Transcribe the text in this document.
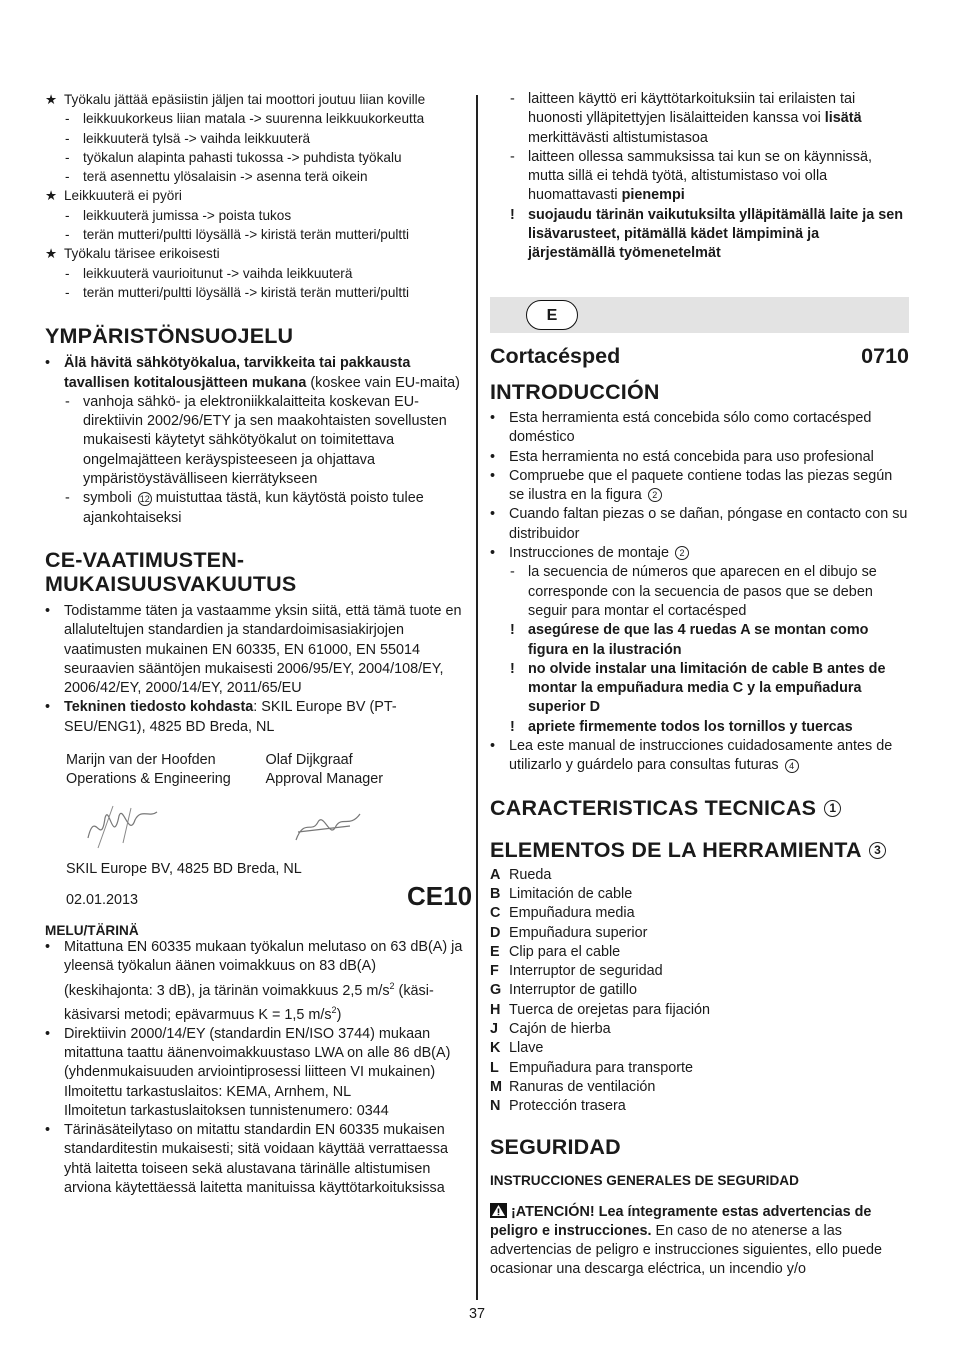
★ Työkalu jättää epäsiistin jäljen tai moottori joutuu liian koville
- leikkuukorkeus liian matala -> suurenna leikkuukorkeutta
- leikkuuterä tylsä -> vaihda leikkuuterä
- työkalun alapinta pahasti tukossa -> puhdista työkalu
- terä asennettu ylösalaisin -> asenna terä oikein
★ Leikkuuterä ei pyöri
- leikkuuterä jumissa -> poista tukos
- terän mutteri/pultti löysällä -> kiristä terän mutteri/pultti
★ Työkalu tärisee erikoisesti
- leikkuuterä vaurioitunut -> vaihda leikkuuterä
- terän mutteri/pultti löysällä -> kiristä terän mutteri/pultti
YMPÄRISTÖNSUOJELU
• Älä hävitä sähkötyökalua, tarvikkeita tai pakkausta tavallisen kotitalousjätteen mukana (koskee vain EU-maita)
- vanhoja sähkö- ja elektroniikkalaitteita koskevan EU-direktiivin 2002/96/ETY ja sen maakohtaisten sovellusten mukaisesti käytetyt sähkötyökalut on toimitettava ongelmajätteen keräyspisteeseen ja ohjattava ympäristöystävälliseen kierrätykseen
- symboli 12 muistuttaa tästä, kun käytöstä poisto tulee ajankohtaiseksi
CE-VAATIMUSTEN-
MUKAISUUSVAKUUTUS
• Todistamme täten ja vastaamme yksin siitä, että tämä tuote en allaluteltujen standardien ja standardoimisasiakirjojen vaatimusten mukainen EN 60335, EN 61000, EN 55014 seuraavien sääntöjen mukaisesti 2006/95/EY, 2004/108/EY, 2006/42/EY, 2000/14/EY, 2011/65/EU
• Tekninen tiedosto kohdasta: SKIL Europe BV (PT-SEU/ENG1), 4825 BD Breda, NL
Marijn van der Hoofden
Operations & Engineering
Olaf Dijkgraaf
Approval Manager
SKIL Europe BV, 4825 BD Breda, NL
02.01.2013	CE10
MELU/TÄRINÄ
• Mitattuna EN 60335 mukaan työkalun melutaso on 63 dB(A) ja yleensä työkalun äänen voimakkuus on 83 dB(A) (keskihajonta: 3 dB), ja tärinän voimakkuus 2,5 $m/s^2$ (käsi-käsivarsi metodi; epävarmuus K = 1,5 $m/s^2$)
• Direktiivin 2000/14/EY (standardin EN/ISO 3744) mukaan mitattuna taattu äänenvoimakkuustaso LWA on alle 86 dB(A) (yhdenmukaisuuden arviointiprosessi liitteen VI mukainen)
Ilmoitettu tarkastuslaitos: KEMA, Arnhem, NL
Ilmoitetun tarkastuslaitoksen tunnistenumero: 0344
• Tärinäsäteilytaso on mitattu standardin EN 60335 mukaisen standarditestin mukaisesti; sitä voidaan käyttää verrattaessa yhtä laitetta toiseen sekä alustavana tärinälle altistumisen arviona käytettäessä laitetta manituissa käyttötarkoituksissa
- laitteen käyttö eri käyttötarkoituksiin tai erilaisten tai huonosti ylläpitettyjen lisälaitteiden kanssa voi lisätä merkittävästi altistumistasoa
- laitteen ollessa sammuksissa tai kun se on käynnissä, mutta sillä ei tehdä työtä, altistumistaso voi olla huomattavasti pienempi
! suojaudu tärinän vaikutuksilta ylläpitämällä laite ja sen lisävarusteet, pitämällä kädet lämpiminä ja järjestämällä työmenetelmät
E
Cortacésped	0710
INTRODUCCIÓN
• Esta herramienta está concebida sólo como cortacésped doméstico
• Esta herramienta no está concebida para uso profesional
• Compruebe que el paquete contiene todas las piezas según se ilustra en la figura 2
• Cuando faltan piezas o se dañan, póngase en contacto con su distribuidor
• Instrucciones de montaje 2
- la secuencia de números que aparecen en el dibujo se corresponde con la secuencia de pasos que se deben seguir para montar el cortacésped
! asegúrese de que las 4 ruedas A se montan como figura en la ilustración
! no olvide instalar una limitación de cable B antes de montar la empuñadura media C y la empuñadura superior D
! apriete firmemente todos los tornillos y tuercas
• Lea este manual de instrucciones cuidadosamente antes de utilizarlo y guárdelo para consultas futuras 4
CARACTERISTICAS TECNICAS 1
ELEMENTOS DE LA HERRAMIENTA 3
A Rueda
B Limitación de cable
C Empuñadura media
D Empuñadura superior
E Clip para el cable
F Interruptor de seguridad
G Interruptor de gatillo
H Tuerca de orejetas para fijación
J Cajón de hierba
K Llave
L Empuñadura para transporte
M Ranuras de ventilación
N Protección trasera
SEGURIDAD
INSTRUCCIONES GENERALES DE SEGURIDAD
¡ATENCIÓN! Lea íntegramente estas advertencias de peligro e instrucciones. En caso de no atenerse a las advertencias de peligro e instrucciones siguientes, ello puede ocasionar una descarga eléctrica, un incendio y/o
37
